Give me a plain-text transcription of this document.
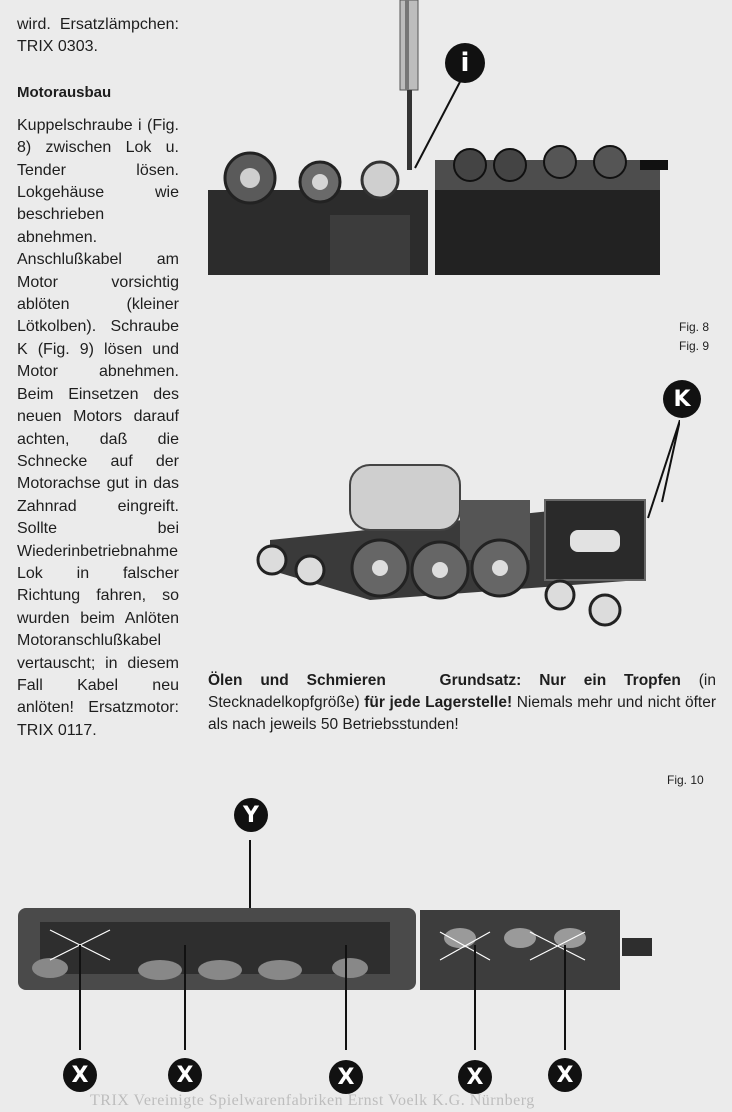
wird. Ersatzlämpchen: TRIX 0303.

Motorausbau

Kuppelschraube i (Fig. 8) zwischen Lok u. Tender lösen. Lokgehäuse wie beschrieben abnehmen. Anschlußkabel am Motor vorsichtig ablöten (kleiner Lötkolben). Schraube K (Fig. 9) lösen und Motor abnehmen. Beim Einsetzen des neuen Motors darauf achten, daß die Schnecke auf der Motorachse gut in das Zahnrad eingreift. Sollte bei Wiederinbetriebnahme Lok in falscher Richtung fahren, so wurden beim Anlöten Motoranschlußkabel vertauscht; in diesem Fall Kabel neu anlöten! Ersatzmotor: TRIX 0117.

i
Fig. 8
Fig. 9
K
Ölen und Schmieren	Grundsatz: Nur ein Tropfen (in Stecknadelkopfgröße) für jede Lagerstelle! Niemals mehr und nicht öfter als nach jeweils 50 Betriebsstunden!
Fig. 10
Y
X	X	X	X	X
TRIX Vereinigte Spielwarenfabriken Ernst Voelk K.G. Nürnberg
